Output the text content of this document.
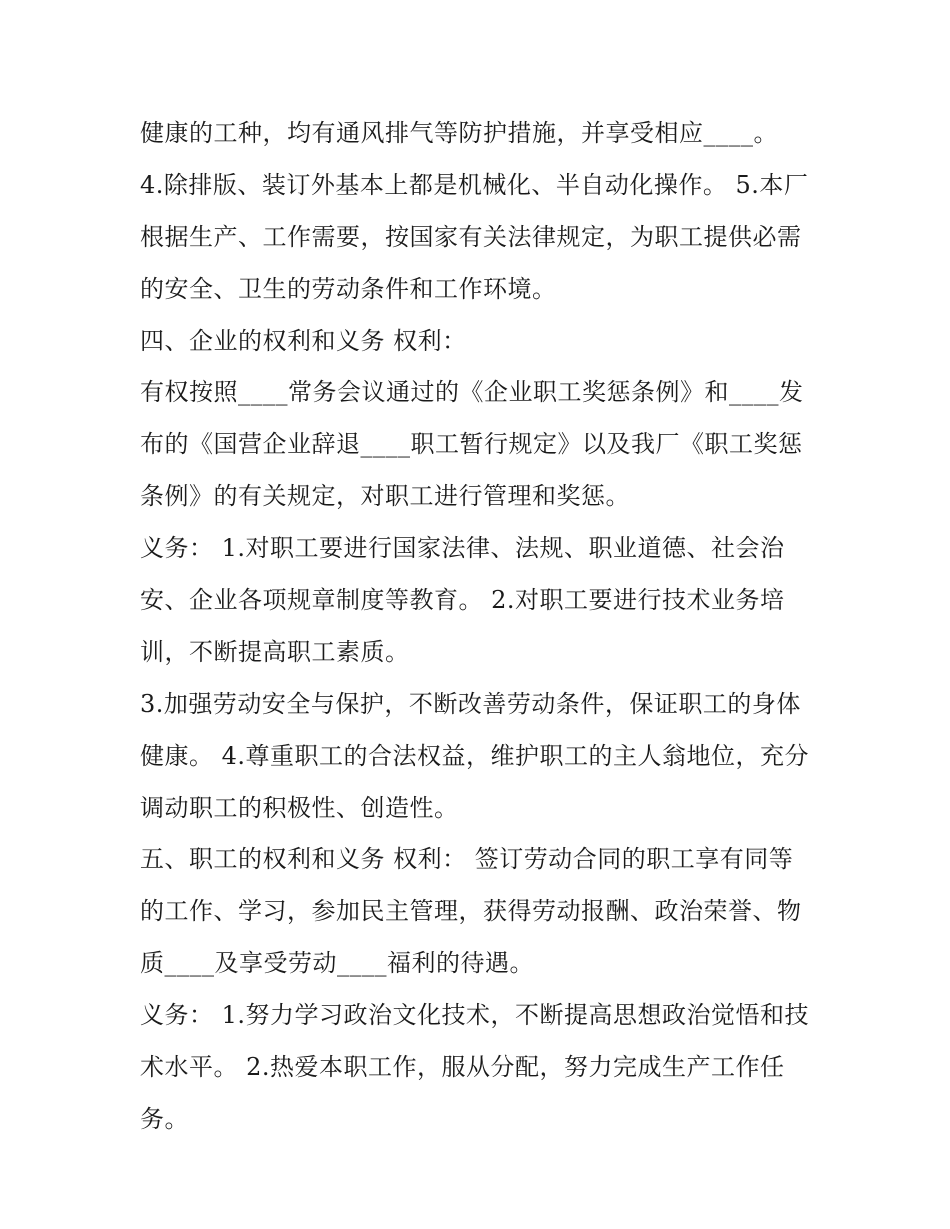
健康的工种，均有通风排气等防护措施，并享受相应____。
4.除排版、装订外基本上都是机械化、半自动化操作。 5.本厂
根据生产、工作需要，按国家有关法律规定，为职工提供必需
的安全、卫生的劳动条件和工作环境。
四、企业的权利和义务 权利：
有权按照____常务会议通过的《企业职工奖惩条例》和____发
布的《国营企业辞退____职工暂行规定》以及我厂《职工奖惩
条例》的有关规定，对职工进行管理和奖惩。
义务： 1.对职工要进行国家法律、法规、职业道德、社会治
安、企业各项规章制度等教育。 2.对职工要进行技术业务培
训，不断提高职工素质。
3.加强劳动安全与保护，不断改善劳动条件，保证职工的身体
健康。 4.尊重职工的合法权益，维护职工的主人翁地位，充分
调动职工的积极性、创造性。
五、职工的权利和义务 权利： 签订劳动合同的职工享有同等
的工作、学习，参加民主管理，获得劳动报酬、政治荣誉、物
质____及享受劳动____福利的待遇。
义务： 1.努力学习政治文化技术，不断提高思想政治觉悟和技
术水平。 2.热爱本职工作，服从分配，努力完成生产工作任
务。
